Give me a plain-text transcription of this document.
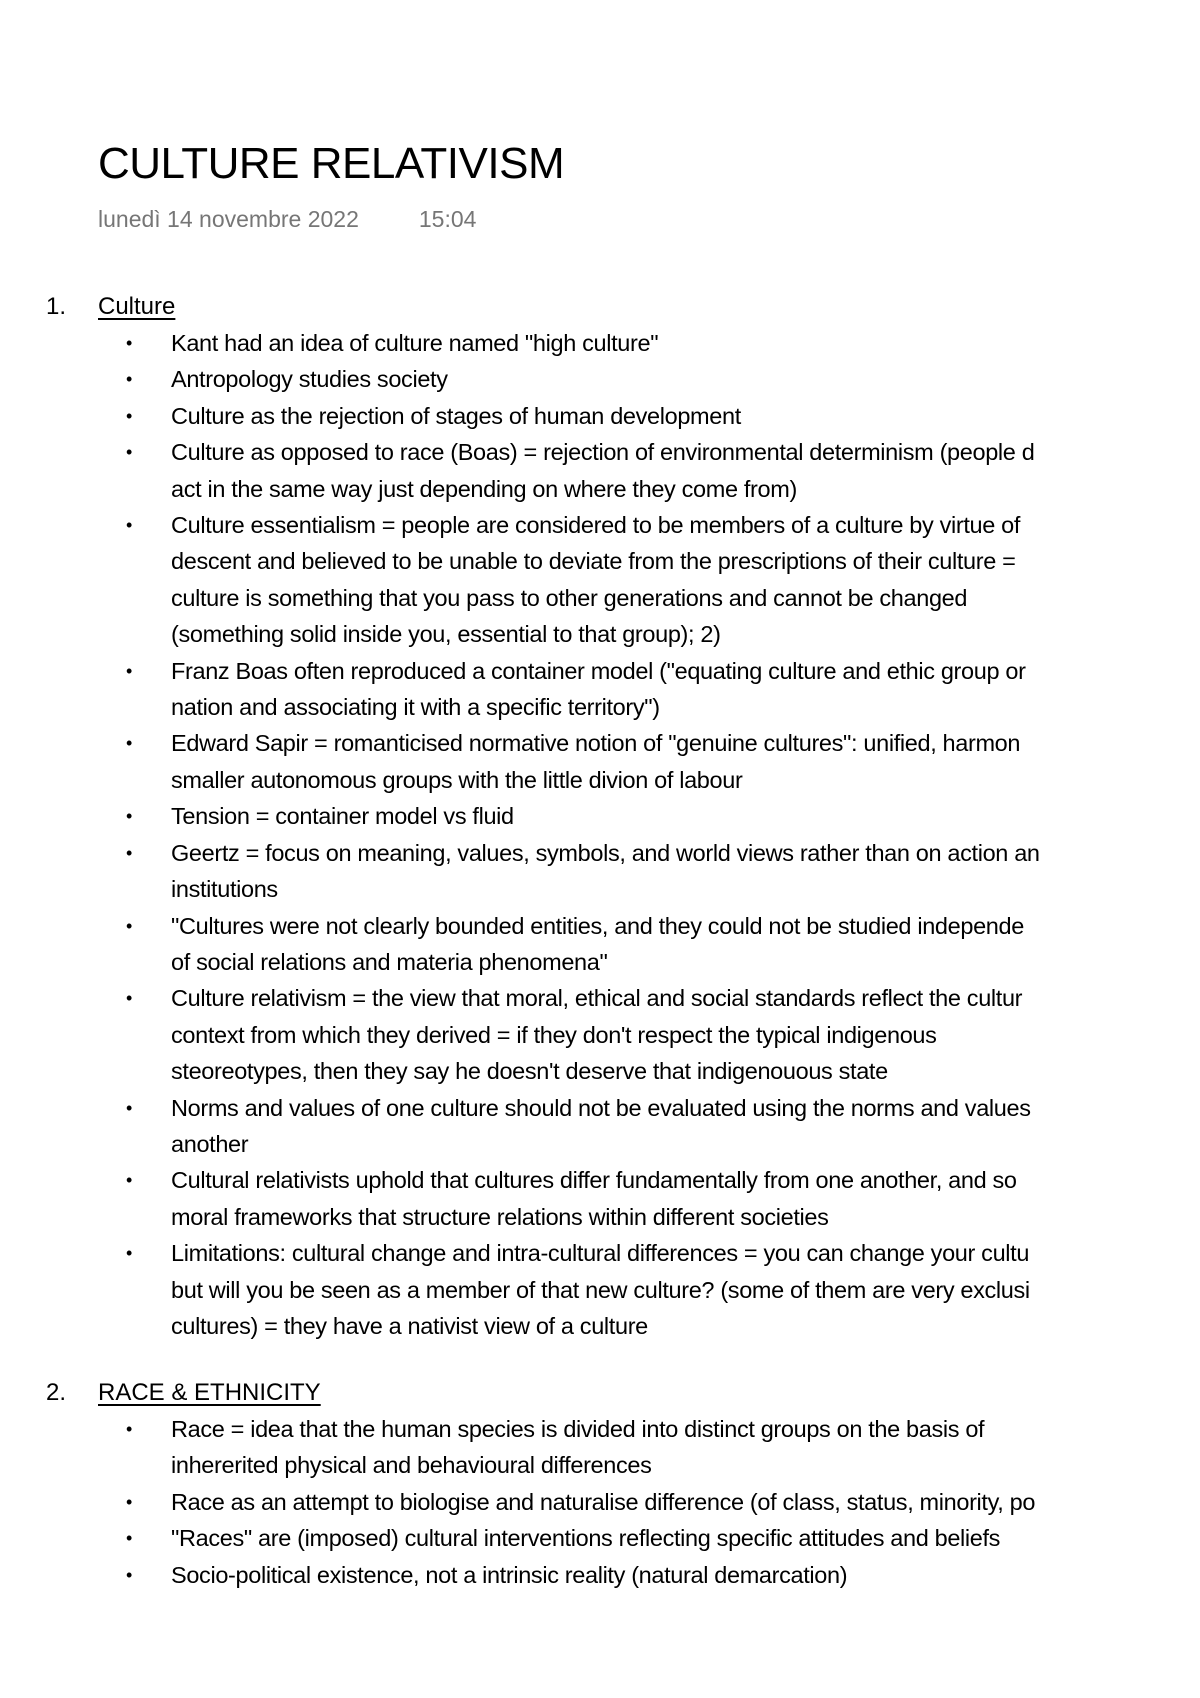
CULTURE RELATIVISM
lunedì 14 novembre 2022	15:04
1. Culture
• Kant had an idea of culture named "high culture"
• Antropology studies society
• Culture as the rejection of stages of human development
• Culture as opposed to race (Boas) = rejection of environmental determinism (people d
act in the same way just depending on where they come from)
• Culture essentialism = people are considered to be members of a culture by virtue of
descent and believed to be unable to deviate from the prescriptions of their culture =
culture is something that you pass to other generations and cannot be changed
(something solid inside you, essential to that group); 2)
• Franz Boas often reproduced a container model ("equating culture and ethic group or
nation and associating it with a specific territory")
• Edward Sapir = romanticised normative notion of "genuine cultures": unified, harmon
smaller autonomous groups with the little divion of labour
• Tension = container model vs fluid
• Geertz = focus on meaning, values, symbols, and world views rather than on action an
institutions
• "Cultures were not clearly bounded entities, and they could not be studied independe
of social relations and materia phenomena"
• Culture relativism = the view that moral, ethical and social standards reflect the cultur
context from which they derived = if they don't respect the typical indigenous
steoreotypes, then they say he doesn't deserve that indigenouous state
• Norms and values of one culture should not be evaluated using the norms and values
another
• Cultural relativists uphold that cultures differ fundamentally from one another, and so
moral frameworks that structure relations within different societies
• Limitations: cultural change and intra-cultural differences = you can change your cultu
but will you be seen as a member of that new culture? (some of them are very exclusi
cultures) = they have a nativist view of a culture
2. RACE & ETHNICITY
• Race = idea that the human species is divided into distinct groups on the basis of
inhererited physical and behavioural differences
• Race as an attempt to biologise and naturalise difference (of class, status, minority, po
• "Races" are (imposed) cultural interventions reflecting specific attitudes and beliefs
• Socio-political existence, not a intrinsic reality (natural demarcation)
